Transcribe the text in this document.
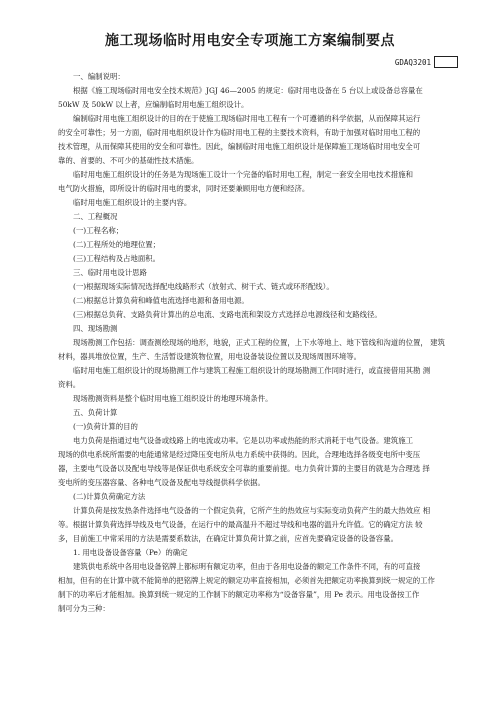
施工现场临时用电安全专项施工方案编制要点
GDAQ3201

一、编制说明：

根据《施工现场临时用电安全技术规范》JGJ 46—2005 的规定：临时用电设备在 5 台以上或设备总容量在

50kW 及 50kW 以上者，应编制临时用电施工组织设计。

编制临时用电施工组织设计的目的在于使施工现场临时用电工程有一个可遵循的科学依据，从而保障其运行

的安全可靠性；另一方面，临时用电组织设计作为临时用电工程的主要技术资料，有助于加强对临时用电工程的

技术管理，从而保障其使用的安全和可靠性。因此，编制临时用电施工组织设计是保障施工现场临时用电安全可

靠的、首要的、不可少的基础性技术措施。

临时用电施工组织设计的任务是为现场施工设计一个完备的临时用电工程，制定一套安全用电技术措施和

电气防火措施，即所设计的临时用电的要求，同时还要兼顾用电方便和经济。

临时用电施工组织设计的主要内容。

二、工程概况

(一)工程名称；

(二)工程所处的地理位置；

(三)工程结构及占地面积。

三、临时用电设计思路

(一)根据现场实际情况选择配电线路形式（放射式、树干式、链式或环形配线）。

(二)根据总计算负荷和峰值电流选择电源和备用电源。

(三)根据总负荷、支路负荷计算出的总电流、支路电流和架设方式选择总电源线径和支路线径。

四、现场勘测

现场勘测工作包括：调查测绘现场的地形，地貌，正式工程的位置，上下水等地上、地下管线和沟道的位置， 建筑

材料，器具堆放位置，生产、生活暂设建筑物位置，用电设备装设位置以及现场周围环境等。

临时用电施工组织设计的现场勘测工作与建筑工程施工组织设计的现场勘测工作同时进行，或直接借用其勘 测

资料。

现场勘测资料是整个临时用电施工组织设计的地理环境条件。

五、负荷计算

(一)负荷计算的目的

电力负荷是指通过电气设备或线路上的电流或功率。它是以功率或热能的形式消耗于电气设备。建筑施工

现场的供电系统所需要的电能通常是经过降压变电所从电力系统中获得的。因此，合理地选择各级变电所中变压

器，主要电气设备以及配电导线等是保证供电系统安全可靠的重要前提。电力负荷计算的主要目的就是为合理选 择

变电所的变压器容量、各种电气设备及配电导线提供科学依据。

(二)计算负荷确定方法

计算负荷是按发热条件选择电气设备的一个假定负荷，它所产生的热效应与实际变动负荷产生的最大热效应 相

等。根据计算负荷选择导线及电气设备，在运行中的最高温升不超过导线和电器的温升允许值。它的确定方法 较

多，目前施工中常采用的方法是需要系数法，在确定计算负荷计算之前，应首先要确定设备的设备容量。

1. 用电设备设备容量（Pe）的确定

建筑供电系统中各用电设备铭牌上都标明有额定功率，但由于各用电设备的额定工作条件不同，有的可直接

相加，但有的在计算中就不能简单的把铭牌上规定的额定功率直接相加，必须首先把额定功率换算到统一规定的工作

制下的功率后才能相加。换算到统一规定的工作制下的额定功率称为“设备容量”，用 Pe 表示。用电设备按工作

制可分为三种：
